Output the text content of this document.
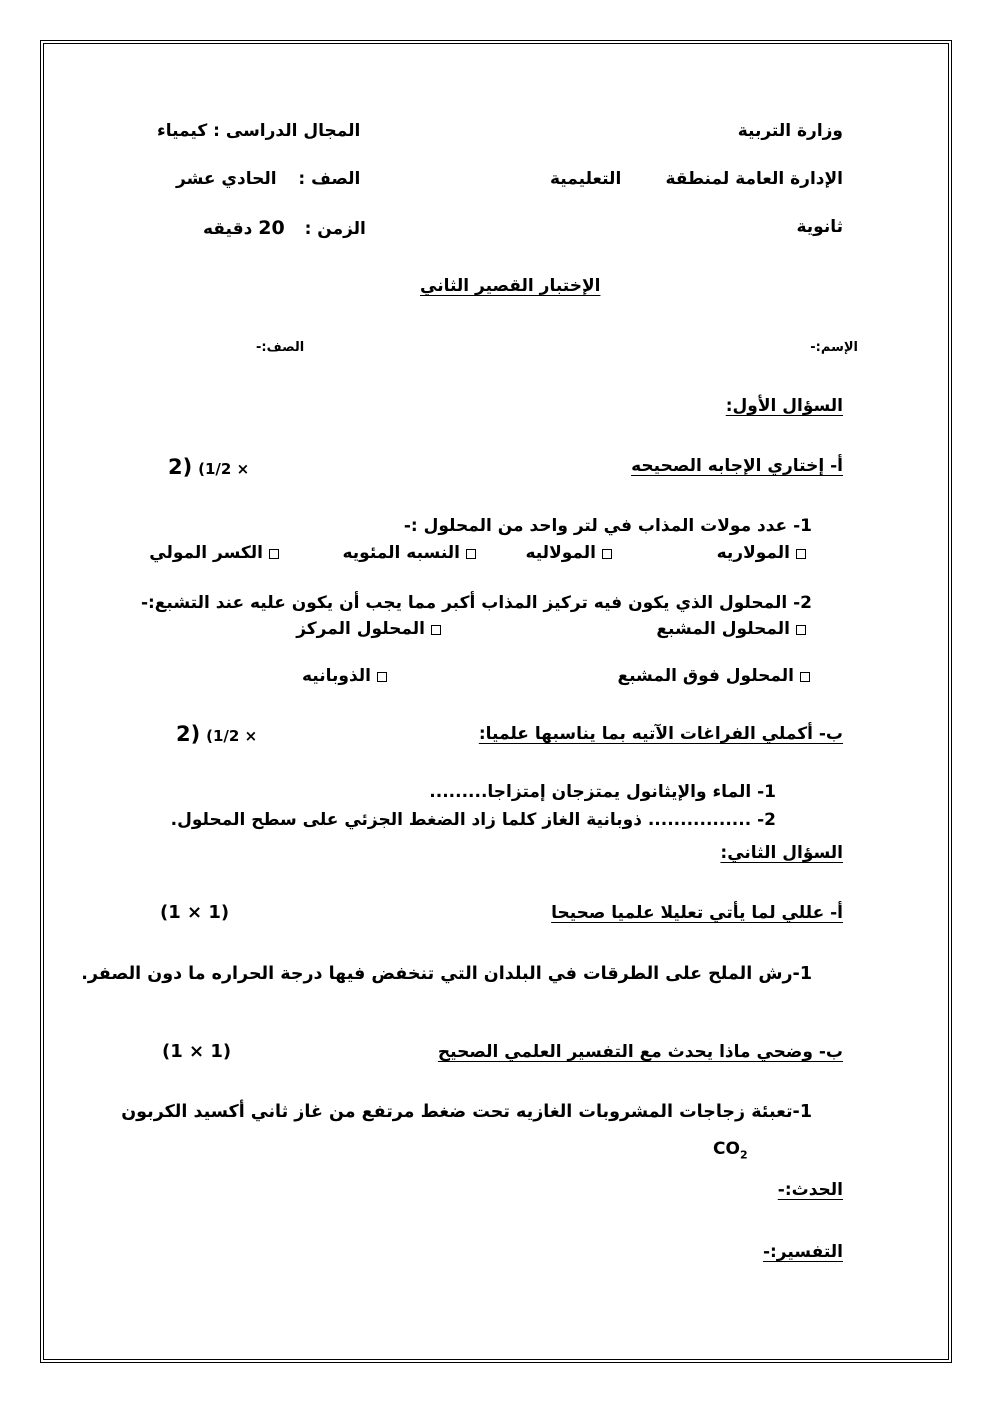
وزارة التربية
المجال الدراسى : كيمياء
الإدارة العامة لمنطقة
التعليمية
الصف :  الحادي عشر
ثانوية
الزمن :  20 دقيقه
الإختبار القصير الثاني
الإسم:-
الصف:-
السؤال الأول:
أ- إختاري الإجابه الصحيحه
2) (1/2 ×
1- عدد مولات المذاب في لتر واحد من المحلول :-
المولاريه
المولاليه
النسبه المئويه
الكسر المولي
2- المحلول الذي يكون فيه تركيز المذاب أكبر مما يجب أن يكون عليه عند التشبع:-
المحلول المشبع
المحلول المركز
المحلول فوق المشبع
الذوبانيه
ب- أكملي الفراغات الآتيه بما يناسبها علميا:
2) (1/2 ×
1- الماء والإيثانول يمتزجان إمتزاجا.........
2- ................ ذوبانية الغاز كلما زاد الضغط الجزئي على سطح المحلول.
السؤال الثاني:
أ- عللي لما يأتي تعليلا علميا صحيحا
(1 × 1)
1-رش الملح على الطرقات في البلدان التي تنخفض فيها درجة الحراره ما دون الصفر.
ب- وضحي ماذا يحدث مع التفسير العلمي الصحيح
(1 × 1)
1-تعبئة زجاجات المشروبات الغازيه تحت ضغط مرتفع من غاز ثاني أكسيد الكربون
$CO_2$
الحدث:-
التفسير:-
